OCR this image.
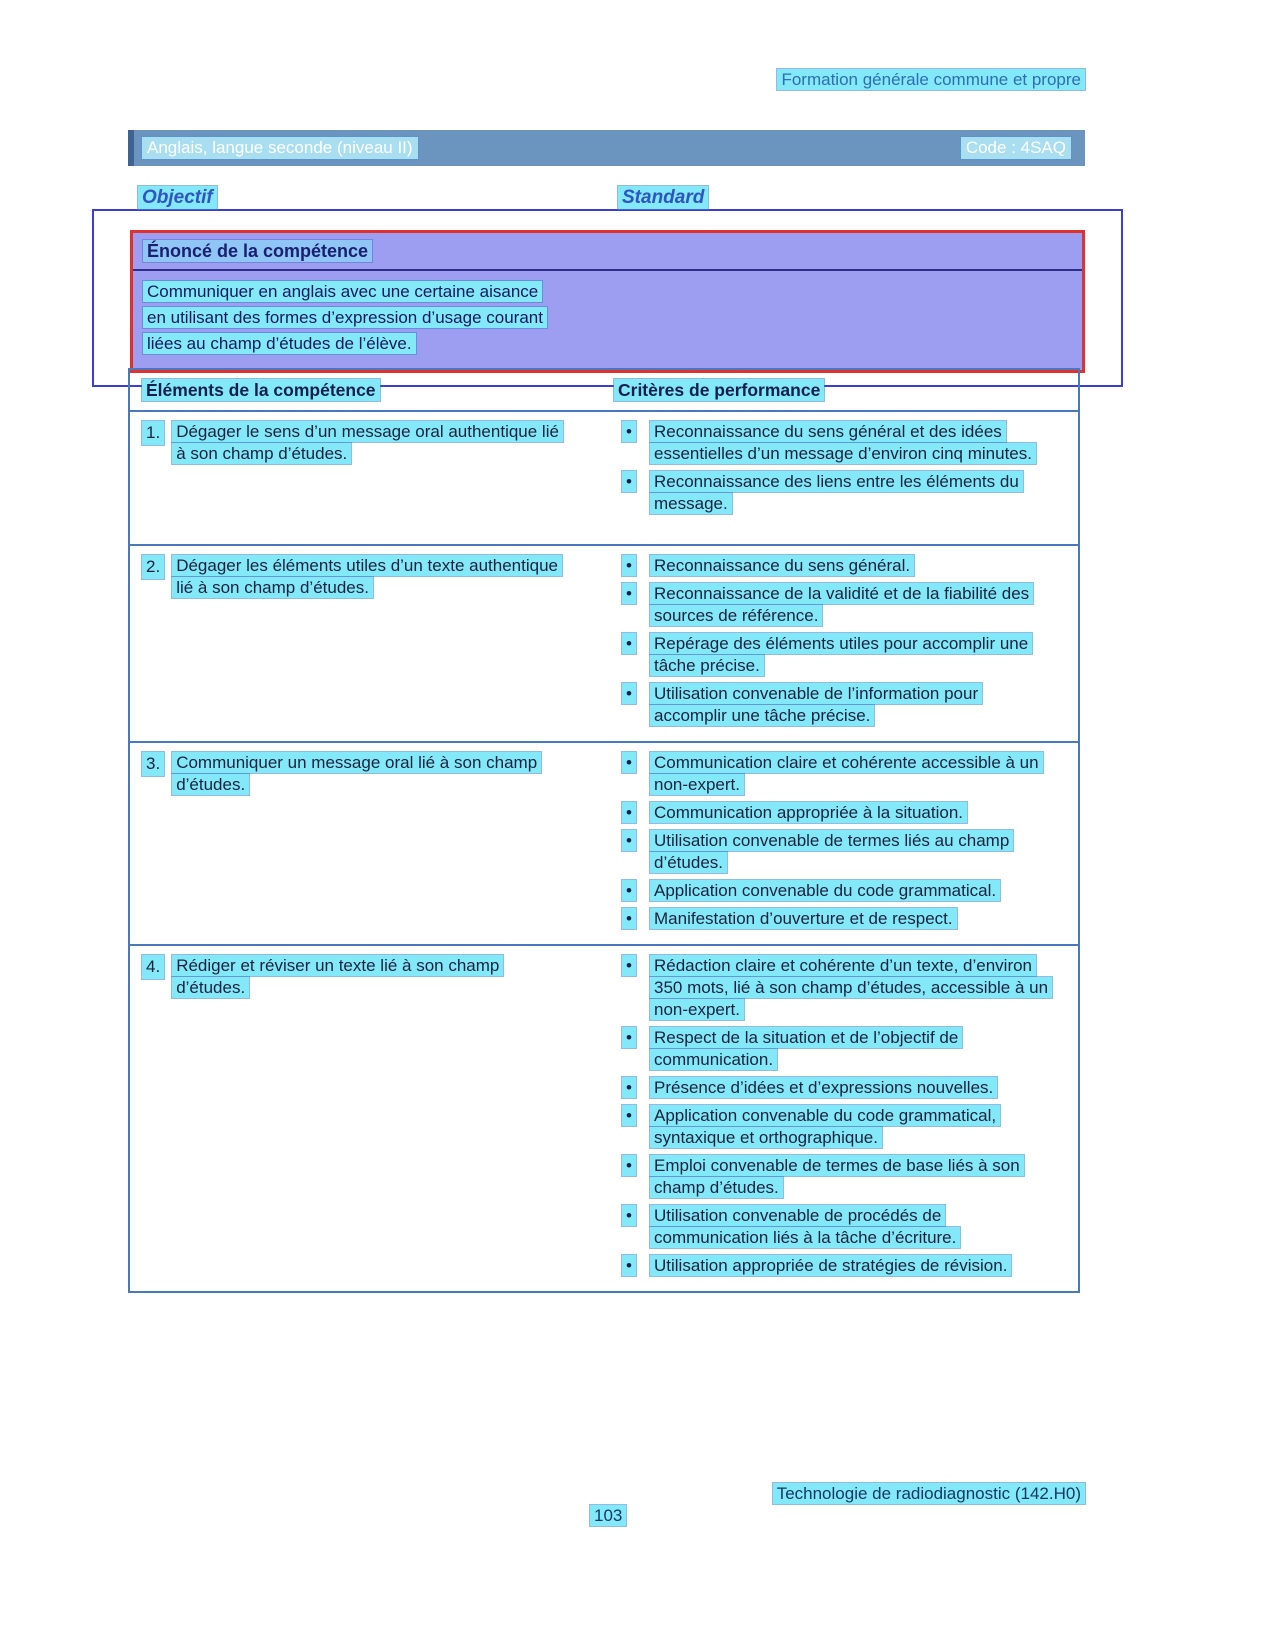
Formation générale commune et propre
Anglais, langue seconde (niveau II)	Code : 4SAQ
Objectif	Standard
Énoncé de la compétence
Communiquer en anglais avec une certaine aisance
en utilisant des formes d’expression d’usage courant
liées au champ d’études de l’élève.
Éléments de la compétence	Critères de performance
1. Dégager le sens d’un message oral authentique lié à son champ d’études.
• Reconnaissance du sens général et des idées essentielles d’un message d’environ cinq minutes.
• Reconnaissance des liens entre les éléments du message.
2. Dégager les éléments utiles d’un texte authentique lié à son champ d’études.
• Reconnaissance du sens général.
• Reconnaissance de la validité et de la fiabilité des sources de référence.
• Repérage des éléments utiles pour accomplir une tâche précise.
• Utilisation convenable de l’information pour accomplir une tâche précise.
3. Communiquer un message oral lié à son champ d’études.
• Communication claire et cohérente accessible à un non-expert.
• Communication appropriée à la situation.
• Utilisation convenable de termes liés au champ d’études.
• Application convenable du code grammatical.
• Manifestation d’ouverture et de respect.
4. Rédiger et réviser un texte lié à son champ d’études.
• Rédaction claire et cohérente d’un texte, d’environ 350 mots, lié à son champ d’études, accessible à un non-expert.
• Respect de la situation et de l’objectif de communication.
• Présence d’idées et d’expressions nouvelles.
• Application convenable du code grammatical, syntaxique et orthographique.
• Emploi convenable de termes de base liés à son champ d’études.
• Utilisation convenable de procédés de communication liés à la tâche d’écriture.
• Utilisation appropriée de stratégies de révision.
Technologie de radiodiagnostic (142.H0)
103
